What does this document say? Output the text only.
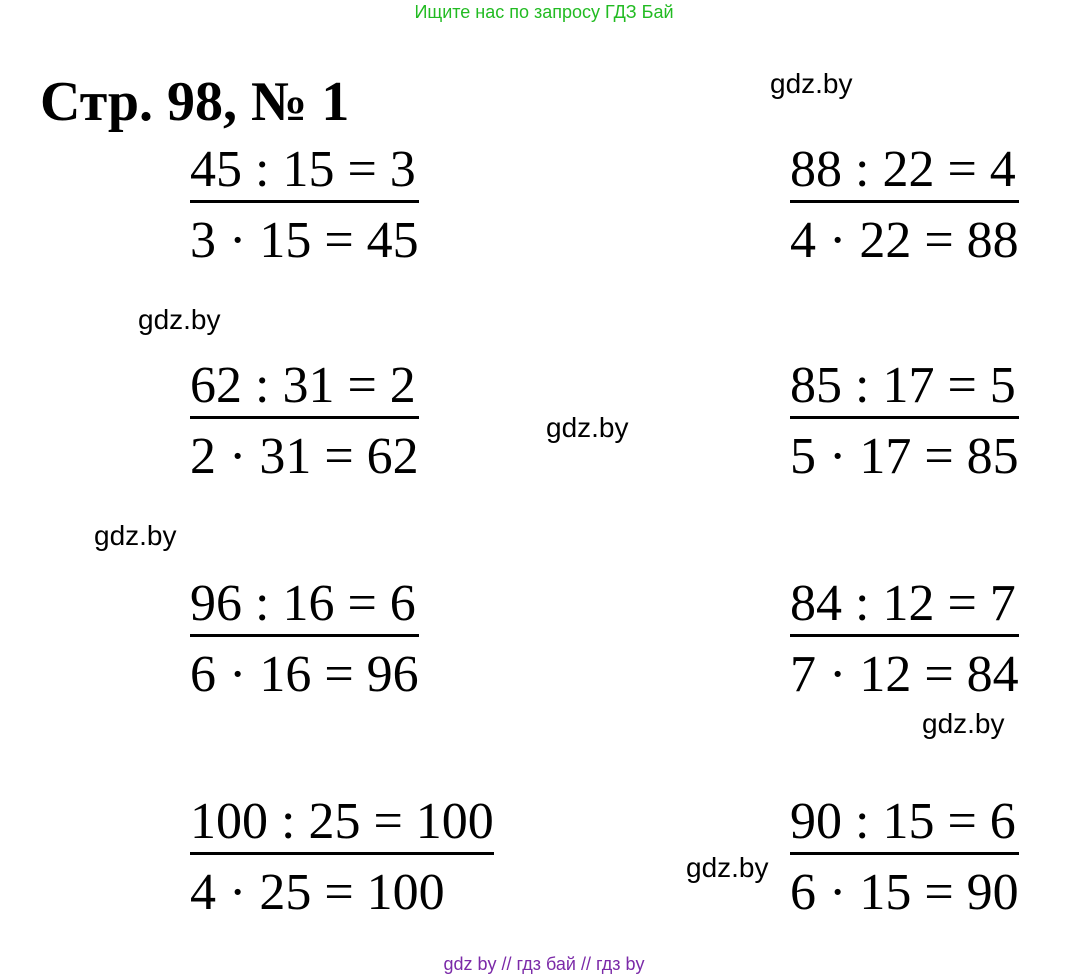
Ищите нас по запросу ГДЗ Бай
Стр. 98, № 1	gdz.by
gdz.by
gdz.by
gdz.by
gdz.by
gdz.by
45 : 15 = 3
3 · 15 = 45
62 : 31 = 2
2 · 31 = 62
96 : 16 = 6
6 · 16 = 96
100 : 25 = 100
4 · 25 = 100
88 : 22 = 4
4 · 22 = 88
85 : 17 = 5
5 · 17 = 85
84 : 12 = 7
7 · 12 = 84
90 : 15 = 6
6 · 15 = 90
gdz by // гдз бай // гдз by
